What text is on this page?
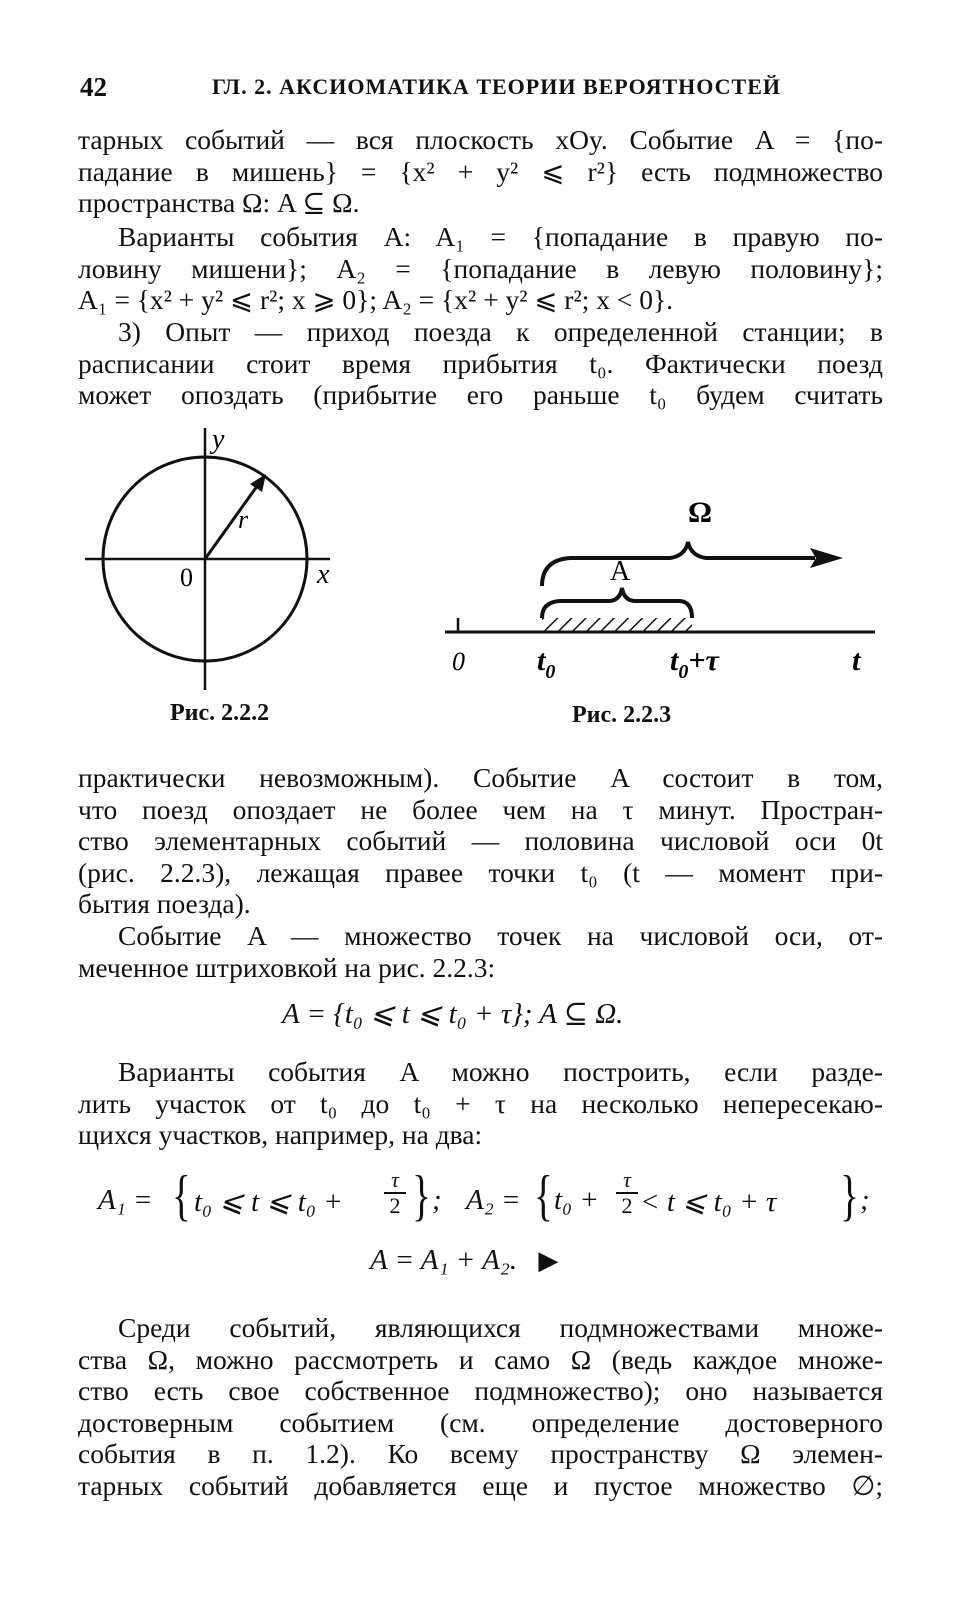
42	ГЛ. 2. АКСИОМАТИКА ТЕОРИИ ВЕРОЯТНОСТЕЙ
тарных событий — вся плоскость xOy. Событие A = {по-
падание в мишень} = {x² + y² ⩽ r²} есть подмножество
пространства Ω: A ⊆ Ω.
Варианты события A: A₁ = {попадание в правую по-
ловину мишени}; A₂ = {попадание в левую половину};
A₁ = {x² + y² ⩽ r²; x ⩾ 0}; A₂ = {x² + y² ⩽ r²; x < 0}.
3) Опыт — приход поезда к определенной станции; в
расписании стоит время прибытия t₀. Фактически поезд
может опоздать (прибытие его раньше t₀ будем считать
y
x
0
r
Рис. 2.2.2
Ω
A
0 $t_0$	$t_0+\tau$	t
Рис. 2.2.3
практически невозможным). Событие A состоит в том,
что поезд опоздает не более чем на τ минут. Простран-
ство элементарных событий — половина числовой оси 0t
(рис. 2.2.3), лежащая правее точки t₀ (t — момент при-
бытия поезда).
Событие A — множество точек на числовой оси, от-
меченное штриховкой на рис. 2.2.3:
A = {t₀ ⩽ t ⩽ t₀ + τ}; A ⊆ Ω.
Варианты события A можно построить, если разде-
лить участок от t₀ до t₀ + τ на несколько непересекаю-
щихся участков, например, на два:
A₁ = { t₀ ⩽ t ⩽ t₀ +
τ
2 } ; A₂ = { t₀ +
τ
2 < t ⩽ t₀ + τ } ;
A = A₁ + A₂. ▶
Среди событий, являющихся подмножествами множе-
ства Ω, можно рассмотреть и само Ω (ведь каждое множе-
ство есть свое собственное подмножество); оно называется
достоверным событием (см. определение достоверного
события в п. 1.2). Ко всему пространству Ω элемен-
тарных событий добавляется еще и пустое множество ∅;
